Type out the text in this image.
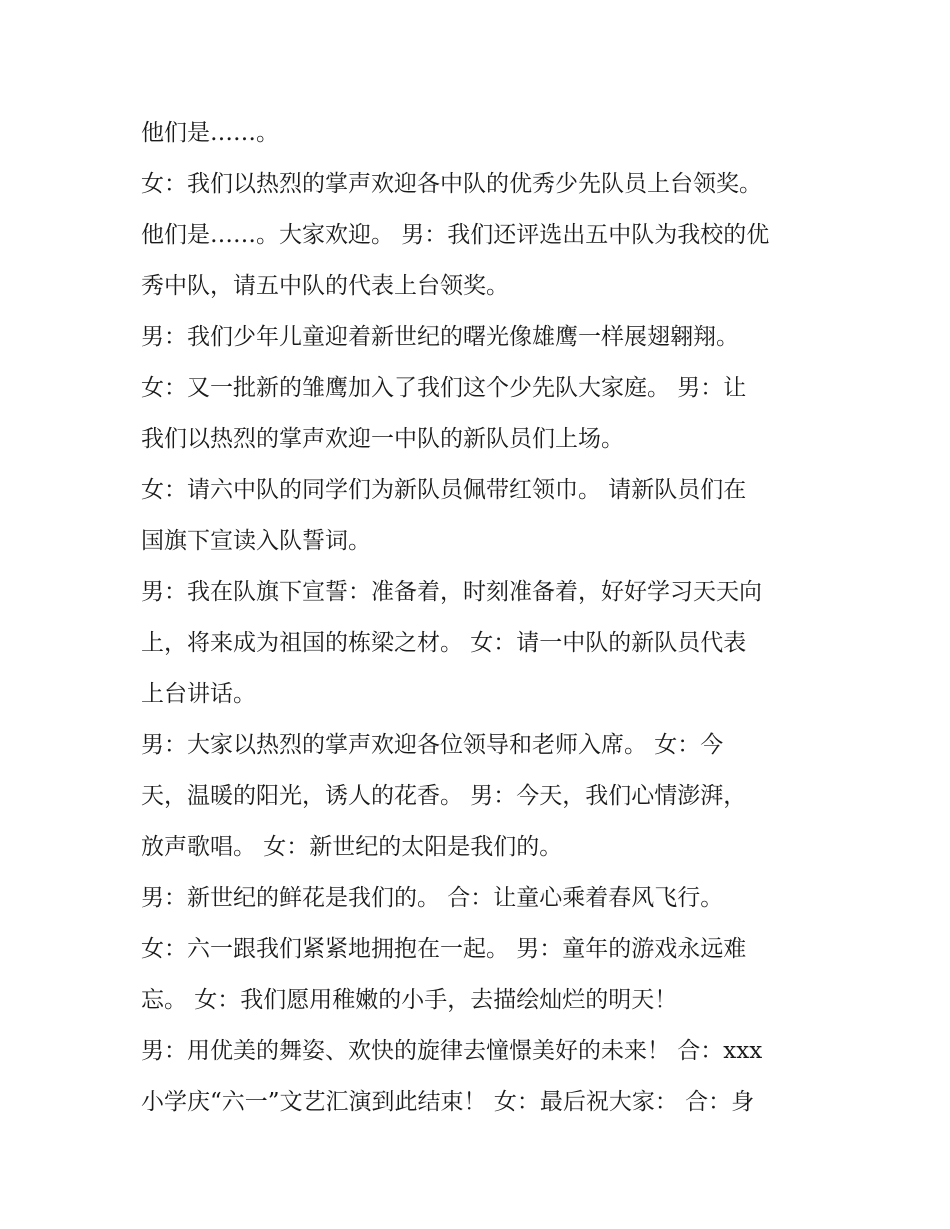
他们是……。
女：我们以热烈的掌声欢迎各中队的优秀少先队员上台领奖。
他们是……。大家欢迎。 男：我们还评选出五中队为我校的优
秀中队，请五中队的代表上台领奖。
男：我们少年儿童迎着新世纪的曙光像雄鹰一样展翅翱翔。
女：又一批新的雏鹰加入了我们这个少先队大家庭。 男：让
我们以热烈的掌声欢迎一中队的新队员们上场。
女：请六中队的同学们为新队员佩带红领巾。 请新队员们在
国旗下宣读入队誓词。
男：我在队旗下宣誓：准备着，时刻准备着，好好学习天天向
上，将来成为祖国的栋梁之材。 女：请一中队的新队员代表
上台讲话。
男：大家以热烈的掌声欢迎各位领导和老师入席。 女：今
天，温暖的阳光，诱人的花香。 男：今天，我们心情澎湃，
放声歌唱。 女：新世纪的太阳是我们的。
男：新世纪的鲜花是我们的。 合：让童心乘着春风飞行。
女：六一跟我们紧紧地拥抱在一起。 男：童年的游戏永远难
忘。 女：我们愿用稚嫩的小手，去描绘灿烂的明天！
男：用优美的舞姿、欢快的旋律去憧憬美好的未来！ 合：xxx
小学庆“六一”文艺汇演到此结束！ 女：最后祝大家： 合：身
